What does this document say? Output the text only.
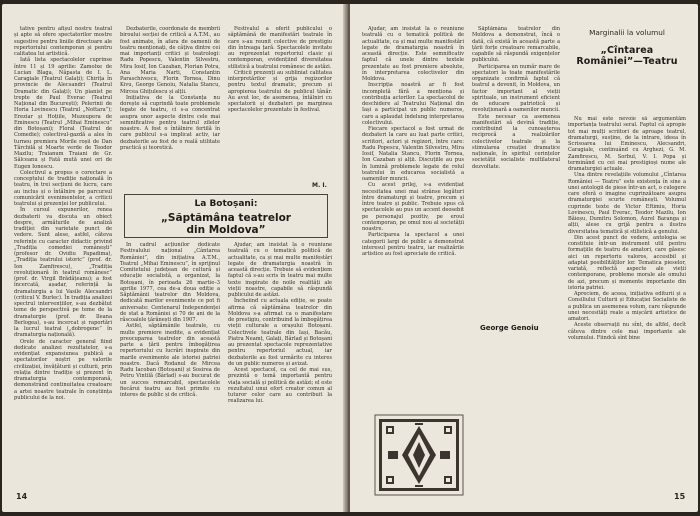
tative pentru afișul nostru teatral și apte să ofere spectatorilor mostre sugestive pentru liniile directoare ale repertoriului contemporan și pentru calitatea lui artistică.

Iată lista spectacolelor cuprinse între 11 și 19 aprilie: Zamolxe de Lucian Blaga, Năpasta de I. L. Caragiale (Teatrul Galați); Chirița în provincie de Alecsandri (Teatrul Dramatic din Galați); Un pianist pe trepte de Paul Everac (Teatrul Național din București); Pelerinii de Horia Lovinescu (Teatrul „Nottara”); Ereziar și Hoțiile, Muzeupera de Eminescu (Teatrul „Mihai Eminescu” din Botoșani); Floral (Teatrul de Comedie); colectivul-gazdă a ales în turneu premiera Morile roșii de Dan Tărchilă și Moarte verde de Teodor Mazilu; Traianum Traiani de Gr. Sălceanu și Fată mută unei ori de Eugen Ionescu.

Colectivul a propus o corectare a conceptului de tradiție națională în teatru, în trei secțiuni de lucru, care au inclus și o întâlnire pe parcursul comunicării evenimentelor, a criticii teatrului și prezenței lor publicului.

În cursul expunerilor, renea dezbaterii va discuta un obiect despre, armăturile de analiză tradiției din varietate punct de vedere. Sunt alese, astfel, câteva referințe cu caracter didactic privind „Tradiția comediei românești” (profesor dr. Ovidiu Papadima), „Tradiția teatrului istoric” (prof. dr. Ion Zamfirescu), „Tradiția revoluționară în teatrul românesc” (prof. dr. Virgil Brădățeanu); a fost încercată, așadar, referință la dramaturgia a lui Vasile Alecsandri (criticul V. Burlec). În tradiția analizei spectrul intervențiilor, s-au dezbătut teme de perspectivă pe teme de la dramaturgie (prof. dr. Ileana Berlogea), s-au încercat și raportări la lucrul teatral („dobrogene” în dramaturgia națională).

Orele de caracter general fiind dedicate analizei rezultatelor, s-a evidențiat expansiunea publică a spectatorilor noștri pe valorile civilizației, învățăturii și culturii, prin relația dintre tradiție și prezent în dramaturgia contemporană, demonstrând continuitatea creatoare a artei noastre teatrale în conștiința publicului de la noi.

Dezbaterile, coordonate de membrii biroului secției de critică a A.T.M., au fost animate, în afara de oamenii de teatru menționați, de câțiva dintre cei mai importanți critici și teatrologi: Radu Popescu, Valentin Silvestru, Mira Iosif, Ion Cazaban, Florian Potra, Ana Maria Narti, Constantin Paraschivescu, Florin Tornea, Dinu Kivu, George Genoiu, Natalia Stancu, Mircea Ghițulescu și alții.

Inițiativa de la Constanța nu dorește să cuprindă toate problemele legate de teatru, ci s-a concentrat asupra unor aspecte dintre cele mai semnificative pentru teatrul zilelor noastre. A fost o întâlnire fertilă în care publicul s-a implicat activ, iar dezbaterile au fost de o reală utilitate practică și teoretică.

Festivalul a oferit publicului o săptămână de manifestări teatrale în care s-au reunit colective de prestigiu din întreaga țară. Spectacolele invitate au reprezentat repertoriul clasic și contemporan, evidențiind diversitatea stilistică a teatrului românesc de astăzi.

Criticii prezenți au subliniat calitatea interpretărilor și grija regizorilor pentru textul dramatic, precum și apropierea teatrului de publicul tânăr. Au avut loc, de asemenea, întâlniri cu spectatorii și dezbateri pe marginea spectacolelor prezentate în festival.

M. I.
La Botoșani:
„Săptămâna teatrelor
din Moldova”

În cadrul acțiunilor dedicate Festivalului național „Cântarea României”, din inițiativa A.T.M., Teatrul „Mihai Eminescu”, în sprijinul Comitetului județean de cultură și educație socialistă, a organizat, la Botoșani, în perioada 26 martie–3 aprilie 1977, cea de-a doua ediție a Săptămânii teatrelor din Moldova, dedicată marilor evenimente ce pot fi aniversate: Centenarul Independenței de stat a României și 70 de ani de la răscoalele țărănești din 1907.

Astfel, săptămânile teatrale, cu multe premiere inedite, a evidențiat preocuparea teatrelor din această parte a țării pentru îmbogățirea repertoriului cu lucrări inspirate din marile evenimente ale istoriei patriei noastre. Dacă Rodanul de Mircea Radu Iacoban (Botoșani) și Sosirea de Petru Vintilă (Bârlad) s-au bucurat de un succes remarcabil, spectacolele fiecărui teatru au fost primite cu interes de public și de critică.

Ajudar, am insistat la o reuniune teatrală cu o tematică politică de actualitate, ca și mai multe manifestări legate de dramaturgia noastră în această direcție. Trebuie să evidențiem faptul că s-au scris în teatru mai multe texte inspirate de noile realități ale vieții noastre, capabile să răspundă publicului de astăzi.

Încheiind cu actuala ediție, se poate afirma că săptămâna teatrelor din Moldova s-a afirmat ca o manifestare de prestigiu, contribuind la îmbogățirea vieții culturale a orașului Botoșani. Colectivele teatrale din Iași, Bacău, Piatra Neamț, Galați, Bârlad și Botoșani au prezentat spectacole reprezentative pentru repertoriul actual, iar dezbaterile au fost urmărite cu interes de un public numeros și avizat.

Acest spectacol, ca cel de mai sus, prezintă o temă importantă pentru viața socială și politică de astăzi; el este rezultatul unui efort creator comun al tuturor celor care au contribuit la realizarea lui.

14

Ajudar, am insistat la o reuniune teatrală cu o tematică politică de actualitate, ca și mai multe manifestări legate de dramaturgia noastră în această direcție. Este semnificativ faptul că unele dintre textele prezentate au fost premiere absolute, în interpretarea colectivelor din Moldova.

Inscripția noastră ar fi fost incompletă fără a menționa și contribuția actorilor. La spectacolul de deschidere al Teatrului Național din Iași a participat un public numeros, care a aplaudat îndelung interpretarea colectivului.

Fiecare spectacol a fost urmat de dezbateri la care au luat parte critici, scriitori, actori și regizori, între care: Radu Popescu, Valentin Silvestru, Mira Iosif, Natalia Stancu, Florin Tornea, Ion Cazaban și alții. Discuțiile au pus în lumină problemele legate de rolul teatrului în educarea socialistă a oamenilor muncii.

Cu acest prilej, s-a evidențiat necesitatea unei mai strânse legături între dramaturgi și teatre, precum și între teatre și public. Trebuie spus că spectacolele au pus un accent deosebit pe personajul pozitiv, pe eroul contemporan, pe omul nou al societății noastre.

Participarea la spectacol a unei categorii largi de public a demonstrat interesul pentru teatru, iar realizările artistice au fost apreciate de critică.

Săptămâna teatrelor din Moldova a demonstrat, încă o dată, că există în această parte a țării forțe creatoare remarcabile, capabile să răspundă exigențelor publicului.

Participarea un număr mare de spectatori la toate manifestările organizate confirmă faptul că teatrul a devenit, în Moldova, un factor important al vieții spirituale, un instrument eficient de educare patriotică și revoluționară a oamenilor muncii.

Este necesar ca asemenea manifestări să devină tradiție, contribuind la cunoașterea reciprocă a realizărilor colectivelor teatrale și la stimularea creației dramatice naționale, în spiritul cerințelor societății socialiste multilateral dezvoltate.

George Genoiu
Marginalii la volumul
„Cîntarea României”—Teatru

Nu mai este nevoie să argumentăm importanța teatrului seral. Faptul că apropie tot mai mulți scriitori de aproape teatrul, dramaturgi, susține, de la intrare, ideea în Scrisoarea lui Eminescu, Alecsandri, Caragiale, continuând cu Arghezi, G. M. Zamfirescu, M. Sorbul, V. I. Popa și terminând cu cei mai prestigioși nume ale dramaturgiei actuale.

Una dintre revelațiile volumului „Cîntarea României — Teatru” este existența în sine a unei antologii de piese într-un act, o culegere care oferă o imagine cuprinzătoare asupra dramaturgiei scurte românești. Volumul cuprinde texte de Victor Eftimiu, Horia Lovinescu, Paul Everac, Teodor Mazilu, Ion Băieșu, Dumitru Solomon, Aurel Baranga și alții, alese cu grijă pentru a ilustra diversitatea tematică și stilistică a genului.

Din acest punct de vedere, antologia se constituie într-un instrument util pentru formațiile de teatru de amatori, care găsesc aici un repertoriu valoros, accesibil și adaptat posibilităților lor. Tematica pieselor, variată, reflectă aspecte ale vieții contemporane, probleme morale ale omului de azi, precum și momente importante din istoria patriei.

Apreciem, de aceea, inițiativa editurii și a Consiliului Culturii și Educației Socialiste de a publica un asemenea volum, care răspunde unei necesități reale a mișcării artistice de amatori.

Aceste observații nu sînt, de altfel, decît câteva dintre cele mai importante ale volumului. Fiindcă sînt bine

15
